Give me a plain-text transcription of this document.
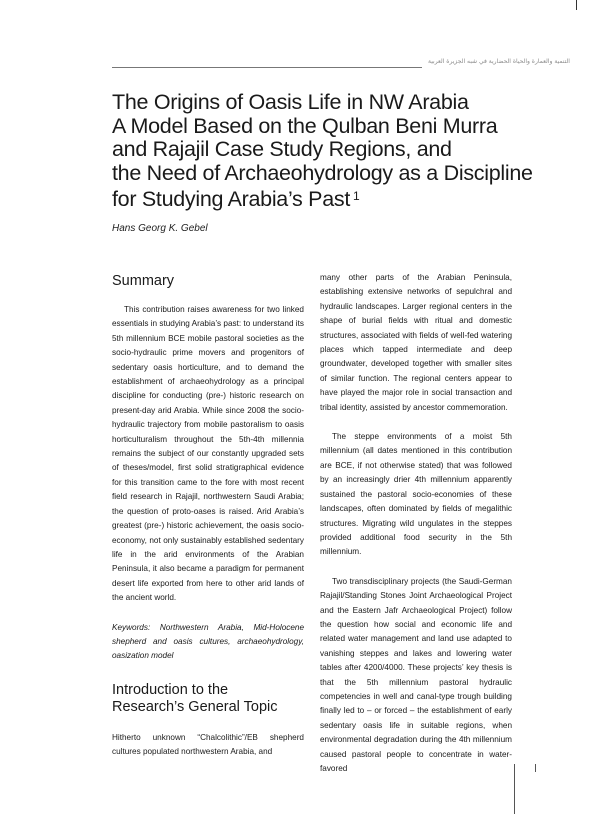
التنمية والعمارة والحياة الحضارية في شبه الجزيرة العربية
The Origins of Oasis Life in NW Arabia
A Model Based on the Qulban Beni Murra
and Rajajil Case Study Regions, and
the Need of Archaeohydrology as a Discipline
for Studying Arabia’s Past $^1$
Hans Georg K. Gebel
Summary

This contribution raises awareness for two linked essentials in studying Arabia’s past: to understand its 5th millennium BCE mobile pastoral societies as the socio-hydraulic prime movers and progenitors of sedentary oasis horticulture, and to demand the establishment of archaeohydrology as a principal discipline for conducting (pre-) historic research on present-day arid Arabia. While since 2008 the socio-hydraulic trajectory from mobile pastoralism to oasis horticulturalism throughout the 5th-4th millennia remains the subject of our constantly upgraded sets of theses/model, first solid stratigraphical evidence for this transition came to the fore with most recent field research in Rajajil, northwestern Saudi Arabia; the question of proto-oases is raised. Arid Arabia’s greatest (pre-) historic achievement, the oasis socio-economy, not only sustainably established sedentary life in the arid environments of the Arabian Peninsula, it also became a paradigm for permanent desert life exported from here to other arid lands of the ancient world.

Keywords: Northwestern Arabia, Mid-Holocene shepherd and oasis cultures, archaeohydrology, oasization model

Introduction to the Research’s General Topic

Hitherto unknown “Chalcolithic”/EB shepherd cultures populated northwestern Arabia, and

many other parts of the Arabian Peninsula, establishing extensive networks of sepulchral and hydraulic landscapes. Larger regional centers in the shape of burial fields with ritual and domestic structures, associated with fields of well-fed watering places which tapped intermediate and deep groundwater, developed together with smaller sites of similar function. The regional centers appear to have played the major role in social transaction and tribal identity, assisted by ancestor commemoration.

The steppe environments of a moist 5th millennium (all dates mentioned in this contribution are BCE, if not otherwise stated) that was followed by an increasingly drier 4th millennium apparently sustained the pastoral socio-economies of these landscapes, often dominated by fields of megalithic structures. Migrating wild ungulates in the steppes provided additional food security in the 5th millennium.

Two transdisciplinary projects (the Saudi-German Rajajil/Standing Stones Joint Archaeological Project and the Eastern Jafr Archaeological Project) follow the question how social and economic life and related water management and land use adapted to vanishing steppes and lakes and lowering water tables after 4200/4000. These projects’ key thesis is that the 5th millennium pastoral hydraulic competencies in well and canal-type trough building finally led to – or forced – the establishment of early sedentary oasis life in suitable regions, when environmental degradation during the 4th millennium caused pastoral people to concentrate in water-favored
